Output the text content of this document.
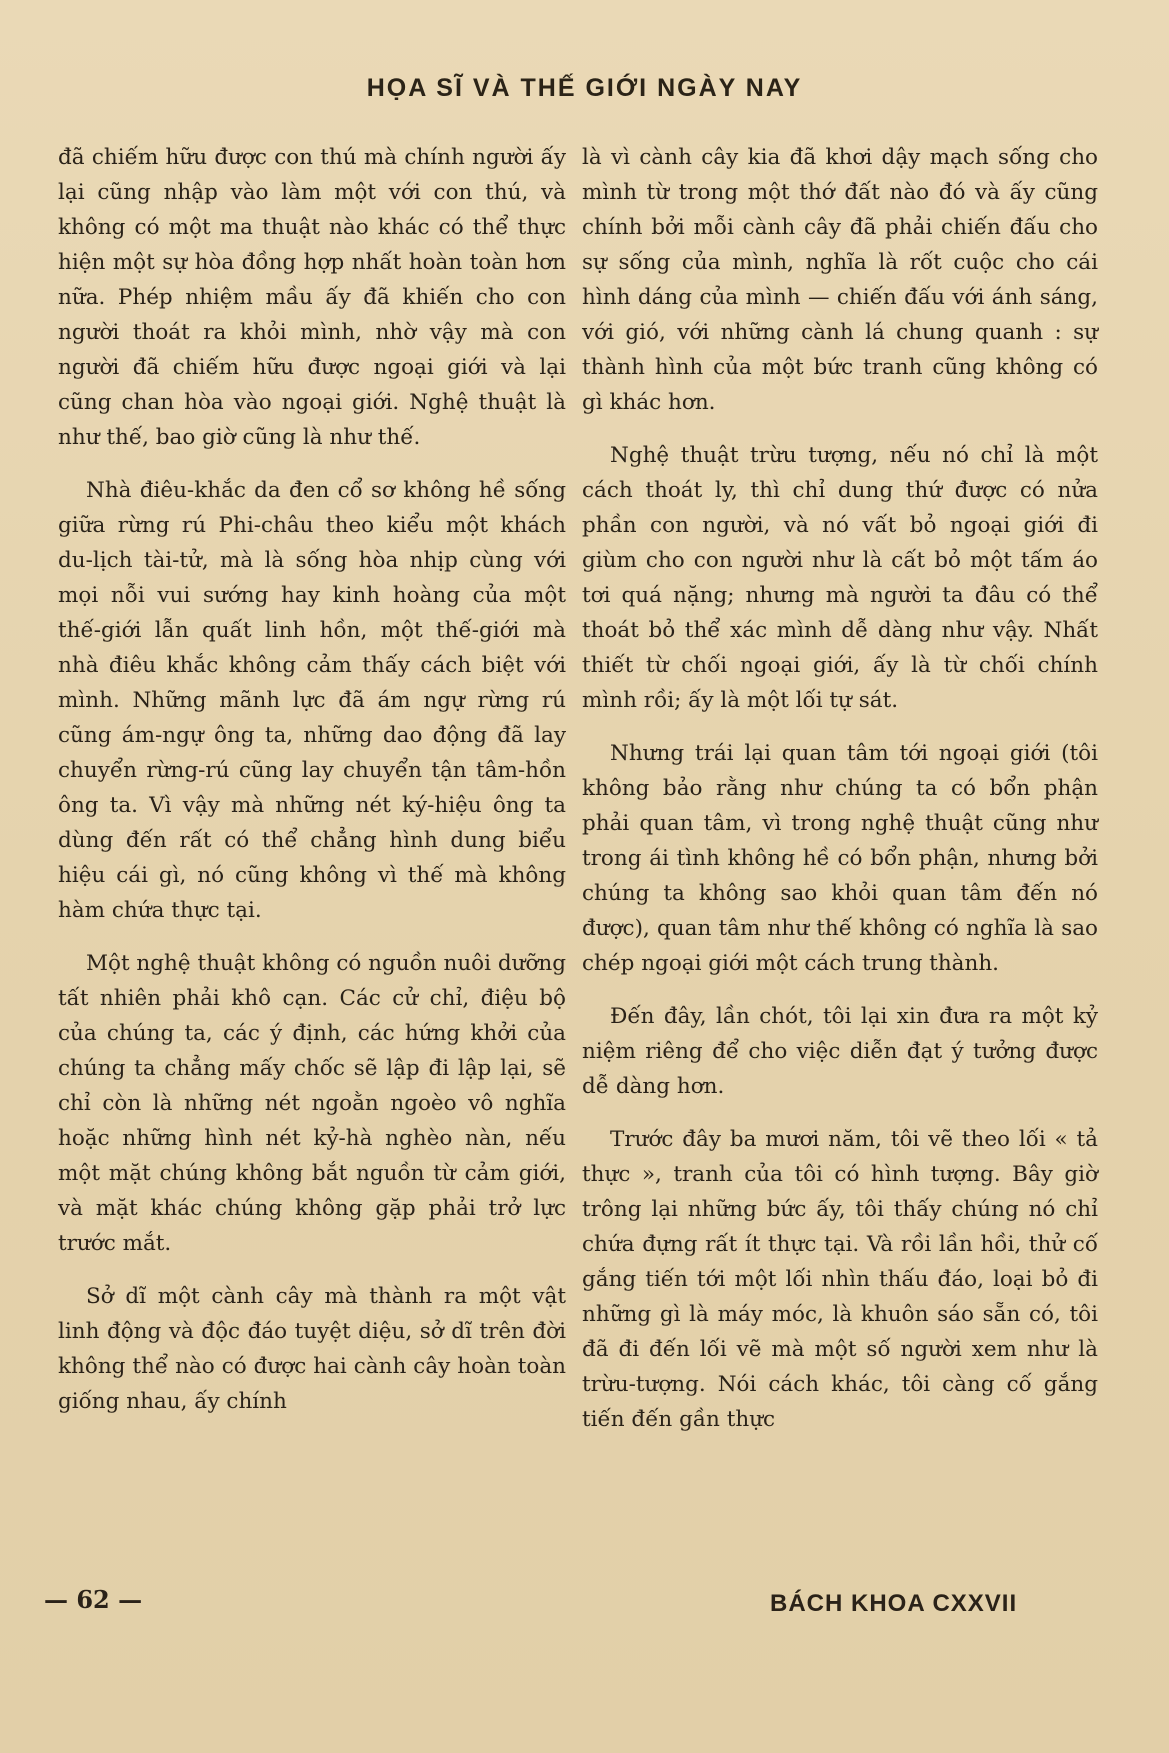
HỌA SĨ VÀ THẾ GIỚI NGÀY NAY

đã chiếm hữu được con thú mà chính người ấy lại cũng nhập vào làm một với con thú, và không có một ma thuật nào khác có thể thực hiện một sự hòa đồng hợp nhất hoàn toàn hơn nữa. Phép nhiệm mầu ấy đã khiến cho con người thoát ra khỏi mình, nhờ vậy mà con người đã chiếm hữu được ngoại giới và lại cũng chan hòa vào ngoại giới. Nghệ thuật là như thế, bao giờ cũng là như thế.

Nhà điêu-khắc da đen cổ sơ không hề sống giữa rừng rú Phi-châu theo kiểu một khách du-lịch tài-tử, mà là sống hòa nhịp cùng với mọi nỗi vui sướng hay kinh hoàng của một thế-giới lẫn quất linh hồn, một thế-giới mà nhà điêu khắc không cảm thấy cách biệt với mình. Những mãnh lực đã ám ngự rừng rú cũng ám-ngự ông ta, những dao động đã lay chuyển rừng-rú cũng lay chuyển tận tâm-hồn ông ta. Vì vậy mà những nét ký-hiệu ông ta dùng đến rất có thể chẳng hình dung biểu hiệu cái gì, nó cũng không vì thế mà không hàm chứa thực tại.

Một nghệ thuật không có nguồn nuôi dưỡng tất nhiên phải khô cạn. Các cử chỉ, điệu bộ của chúng ta, các ý định, các hứng khởi của chúng ta chẳng mấy chốc sẽ lập đi lập lại, sẽ chỉ còn là những nét ngoằn ngoèo vô nghĩa hoặc những hình nét kỷ-hà nghèo nàn, nếu một mặt chúng không bắt nguồn từ cảm giới, và mặt khác chúng không gặp phải trở lực trước mắt.

Sở dĩ một cành cây mà thành ra một vật linh động và độc đáo tuyệt diệu, sở dĩ trên đời không thể nào có được hai cành cây hoàn toàn giống nhau, ấy chính

là vì cành cây kia đã khơi dậy mạch sống cho mình từ trong một thớ đất nào đó và ấy cũng chính bởi mỗi cành cây đã phải chiến đấu cho sự sống của mình, nghĩa là rốt cuộc cho cái hình dáng của mình — chiến đấu với ánh sáng, với gió, với những cành lá chung quanh : sự thành hình của một bức tranh cũng không có gì khác hơn.

Nghệ thuật trừu tượng, nếu nó chỉ là một cách thoát ly, thì chỉ dung thứ được có nửa phần con người, và nó vất bỏ ngoại giới đi giùm cho con người như là cất bỏ một tấm áo tơi quá nặng; nhưng mà người ta đâu có thể thoát bỏ thể xác mình dễ dàng như vậy. Nhất thiết từ chối ngoại giới, ấy là từ chối chính mình rồi; ấy là một lối tự sát.

Nhưng trái lại quan tâm tới ngoại giới (tôi không bảo rằng như chúng ta có bổn phận phải quan tâm, vì trong nghệ thuật cũng như trong ái tình không hề có bổn phận, nhưng bởi chúng ta không sao khỏi quan tâm đến nó được), quan tâm như thế không có nghĩa là sao chép ngoại giới một cách trung thành.

Đến đây, lần chót, tôi lại xin đưa ra một kỷ niệm riêng để cho việc diễn đạt ý tưởng được dễ dàng hơn.

Trước đây ba mươi năm, tôi vẽ theo lối « tả thực », tranh của tôi có hình tượng. Bây giờ trông lại những bức ấy, tôi thấy chúng nó chỉ chứa đựng rất ít thực tại. Và rồi lần hồi, thử cố gắng tiến tới một lối nhìn thấu đáo, loại bỏ đi những gì là máy móc, là khuôn sáo sẵn có, tôi đã đi đến lối vẽ mà một số người xem như là trừu-tượng. Nói cách khác, tôi càng cố gắng tiến đến gần thực

— 62 —	BÁCH KHOA CXXVII
